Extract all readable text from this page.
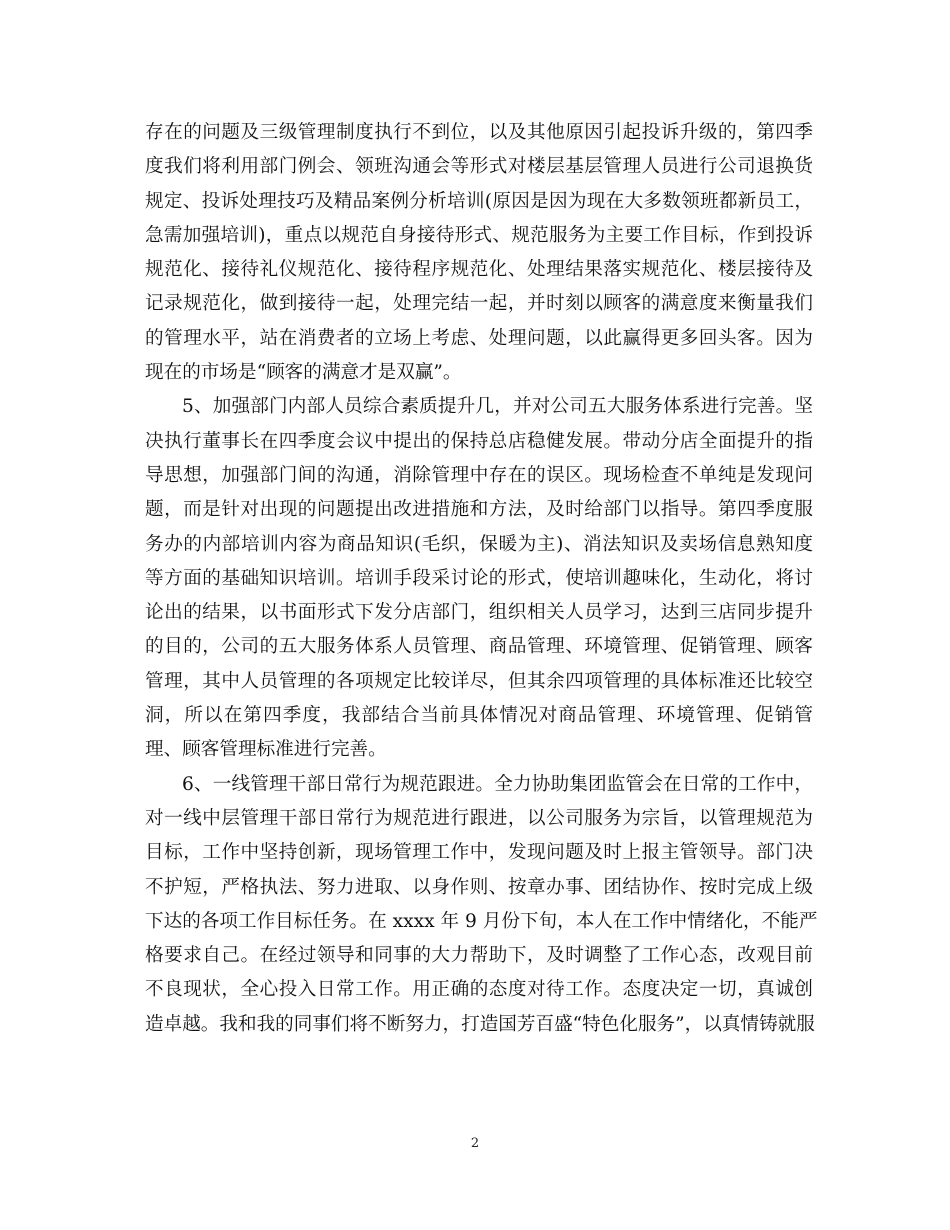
存在的问题及三级管理制度执行不到位，以及其他原因引起投诉升级的，第四季
度我们将利用部门例会、领班沟通会等形式对楼层基层管理人员进行公司退换货
规定、投诉处理技巧及精品案例分析培训(原因是因为现在大多数领班都新员工，
急需加强培训)，重点以规范自身接待形式、规范服务为主要工作目标，作到投诉
规范化、接待礼仪规范化、接待程序规范化、处理结果落实规范化、楼层接待及
记录规范化，做到接待一起，处理完结一起，并时刻以顾客的满意度来衡量我们
的管理水平，站在消费者的立场上考虑、处理问题，以此赢得更多回头客。因为
现在的市场是“顾客的满意才是双赢”。
5、加强部门内部人员综合素质提升几，并对公司五大服务体系进行完善。坚
决执行董事长在四季度会议中提出的保持总店稳健发展。带动分店全面提升的指
导思想，加强部门间的沟通，消除管理中存在的误区。现场检查不单纯是发现问
题，而是针对出现的问题提出改进措施和方法，及时给部门以指导。第四季度服
务办的内部培训内容为商品知识(毛织，保暖为主)、消法知识及卖场信息熟知度
等方面的基础知识培训。培训手段采讨论的形式，使培训趣味化，生动化，将讨
论出的结果，以书面形式下发分店部门，组织相关人员学习，达到三店同步提升
的目的，公司的五大服务体系人员管理、商品管理、环境管理、促销管理、顾客
管理，其中人员管理的各项规定比较详尽，但其余四项管理的具体标准还比较空
洞，所以在第四季度，我部结合当前具体情况对商品管理、环境管理、促销管
理、顾客管理标准进行完善。
6、一线管理干部日常行为规范跟进。全力协助集团监管会在日常的工作中，
对一线中层管理干部日常行为规范进行跟进，以公司服务为宗旨，以管理规范为
目标，工作中坚持创新，现场管理工作中，发现问题及时上报主管领导。部门决
不护短，严格执法、努力进取、以身作则、按章办事、团结协作、按时完成上级
下达的各项工作目标任务。在 xxxx 年 9 月份下旬，本人在工作中情绪化，不能严
格要求自己。在经过领导和同事的大力帮助下，及时调整了工作心态，改观目前
不良现状，全心投入日常工作。用正确的态度对待工作。态度决定一切，真诚创
造卓越。我和我的同事们将不断努力，打造国芳百盛“特色化服务”，以真情铸就服
2
